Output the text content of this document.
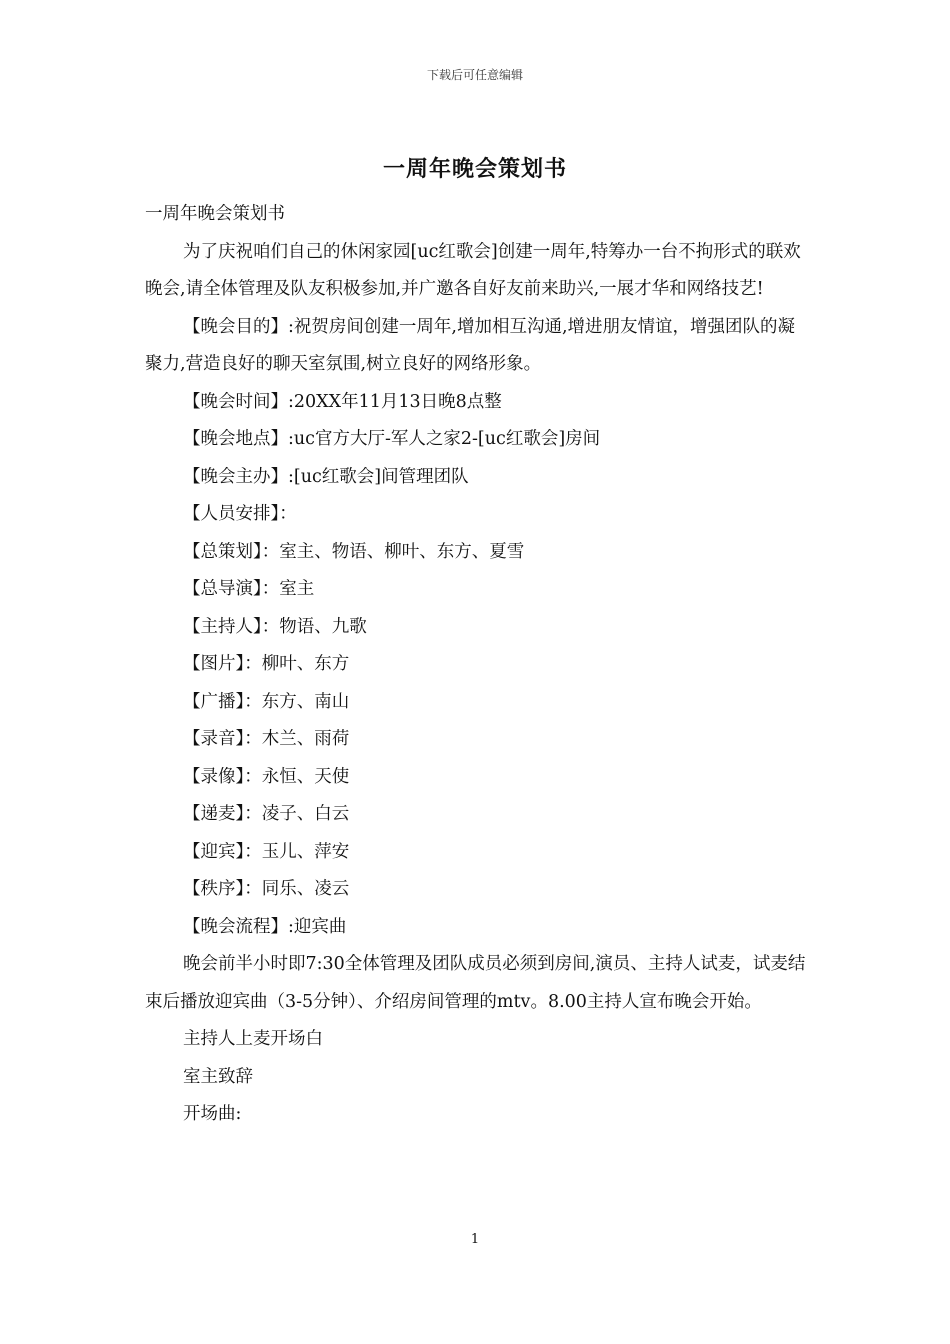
下载后可任意编辑
一周年晚会策划书

一周年晚会策划书

为了庆祝咱们自己的休闲家园[uc红歌会]创建一周年,特筹办一台不拘形式的联欢晚会,请全体管理及队友积极参加,并广邀各自好友前来助兴,一展才华和网络技艺!

【晚会目的】:祝贺房间创建一周年,增加相互沟通,增进朋友情谊，增强团队的凝聚力,营造良好的聊天室氛围,树立良好的网络形象。

【晚会时间】:20XX年11月13日晚8点整

【晚会地点】:uc官方大厅-军人之家2-[uc红歌会]房间

【晚会主办】:[uc红歌会]间管理团队

【人员安排】：

【总策划】：室主、物语、柳叶、东方、夏雪

【总导演】：室主

【主持人】：物语、九歌

【图片】：柳叶、东方

【广播】：东方、南山

【录音】：木兰、雨荷

【录像】：永恒、天使

【递麦】：凌子、白云

【迎宾】：玉儿、萍安

【秩序】：同乐、凌云

【晚会流程】:迎宾曲

晚会前半小时即7:30全体管理及团队成员必须到房间,演员、主持人试麦，试麦结束后播放迎宾曲（3-5分钟）、介绍房间管理的mtv。8.00主持人宣布晚会开始。

主持人上麦开场白

室主致辞

开场曲:

1
